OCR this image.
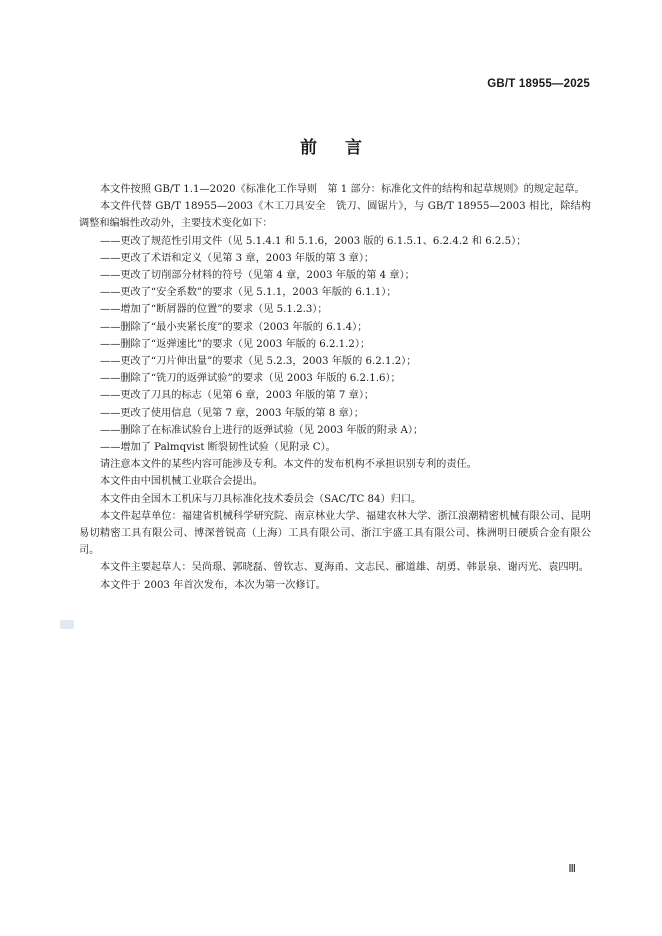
GB/T 18955—2025
前言

本文件按照 GB/T 1.1—2020《标准化工作导则　第 1 部分：标准化文件的结构和起草规则》的规定起草。

本文件代替 GB/T 18955—2003《木工刀具安全　铣刀、圆锯片》，与 GB/T 18955—2003 相比，除结构调整和编辑性改动外，主要技术变化如下：

——更改了规范性引用文件（见 5.1.4.1 和 5.1.6，2003 版的 6.1.5.1、6.2.4.2 和 6.2.5）；

——更改了术语和定义（见第 3 章，2003 年版的第 3 章）；

——更改了切削部分材料的符号（见第 4 章，2003 年版的第 4 章）；

——更改了“安全系数”的要求（见 5.1.1，2003 年版的 6.1.1）；

——增加了“断屑器的位置”的要求（见 5.1.2.3）；

——删除了“最小夹紧长度”的要求（2003 年版的 6.1.4）；

——删除了“返弹速比”的要求（见 2003 年版的 6.2.1.2）；

——更改了“刀片伸出量”的要求（见 5.2.3，2003 年版的 6.2.1.2）；

——删除了“铣刀的返弹试验”的要求（见 2003 年版的 6.2.1.6）；

——更改了刀具的标志（见第 6 章，2003 年版的第 7 章）；

——更改了使用信息（见第 7 章，2003 年版的第 8 章）；

——删除了在标准试验台上进行的返弹试验（见 2003 年版的附录 A）；

——增加了 Palmqvist 断裂韧性试验（见附录 C）。

请注意本文件的某些内容可能涉及专利。本文件的发布机构不承担识别专利的责任。

本文件由中国机械工业联合会提出。

本文件由全国木工机床与刀具标准化技术委员会（SAC/TC 84）归口。

本文件起草单位：福建省机械科学研究院、南京林业大学、福建农林大学、浙江浪潮精密机械有限公司、昆明易切精密工具有限公司、博深普锐高（上海）工具有限公司、浙江宇盛工具有限公司、株洲明日硬质合金有限公司。

本文件主要起草人：吴尚璟、郭晓磊、曾钦志、夏海甬、文志民、郦道雄、胡勇、韩景泉、谢丙光、袁四明。

本文件于 2003 年首次发布，本次为第一次修订。

Ⅲ
